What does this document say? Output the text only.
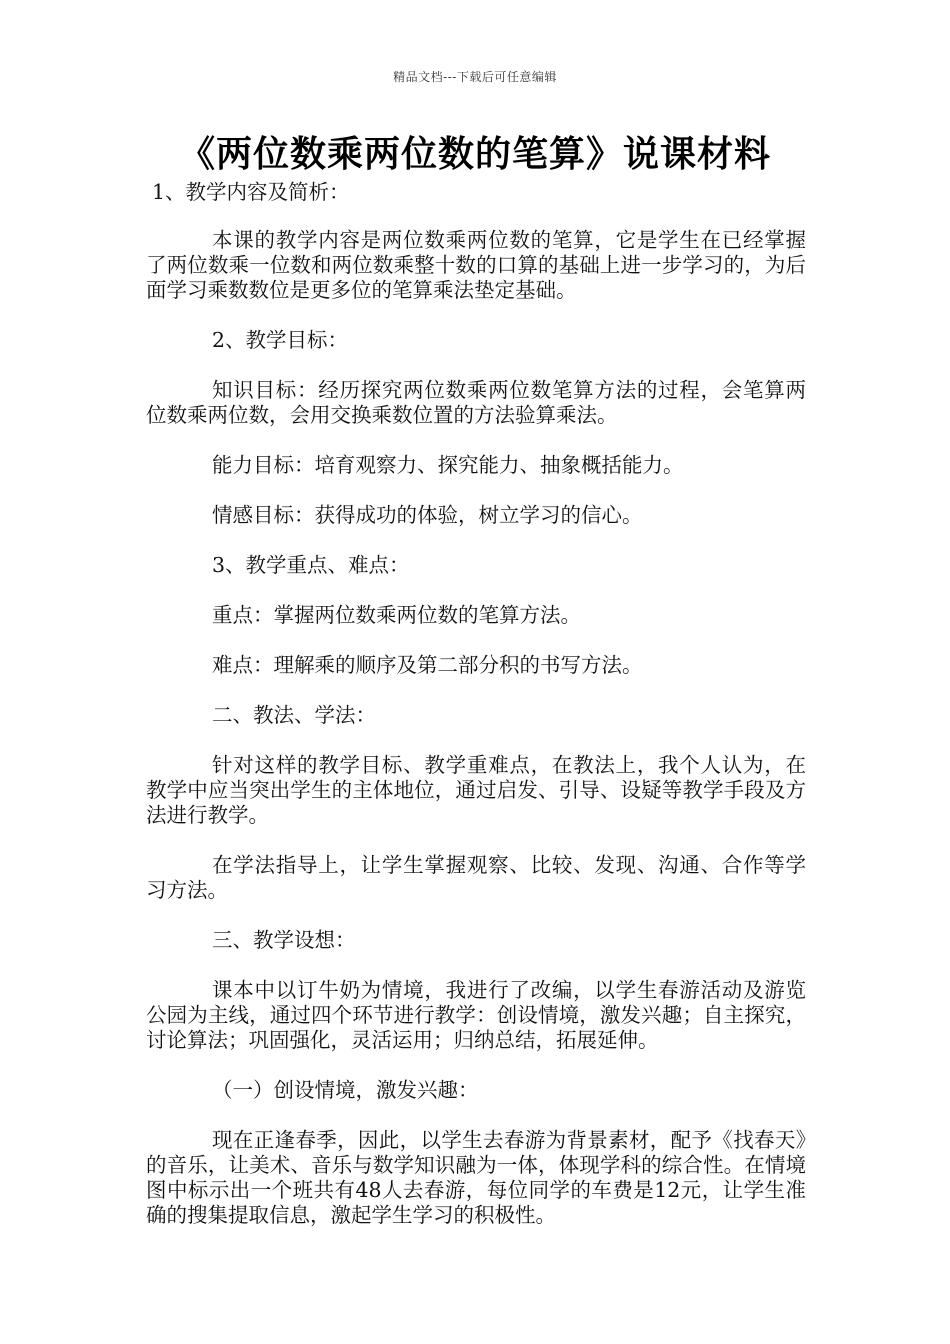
精品文档---下载后可任意编辑
《两位数乘两位数的笔算》说课材料

1、教学内容及简析：

本课的教学内容是两位数乘两位数的笔算，它是学生在已经掌握了两位数乘一位数和两位数乘整十数的口算的基础上进一步学习的，为后面学习乘数数位是更多位的笔算乘法垫定基础。

2、教学目标：

知识目标：经历探究两位数乘两位数笔算方法的过程，会笔算两位数乘两位数，会用交换乘数位置的方法验算乘法。

能力目标：培育观察力、探究能力、抽象概括能力。

情感目标：获得成功的体验，树立学习的信心。

3、教学重点、难点：

重点：掌握两位数乘两位数的笔算方法。

难点：理解乘的顺序及第二部分积的书写方法。

二、教法、学法：

针对这样的教学目标、教学重难点，在教法上，我个人认为，在教学中应当突出学生的主体地位，通过启发、引导、设疑等教学手段及方法进行教学。

在学法指导上，让学生掌握观察、比较、发现、沟通、合作等学习方法。

三、教学设想：

课本中以订牛奶为情境，我进行了改编，以学生春游活动及游览公园为主线，通过四个环节进行教学：创设情境，激发兴趣；自主探究，讨论算法；巩固强化，灵活运用；归纳总结，拓展延伸。

（一）创设情境，激发兴趣：

现在正逢春季，因此，以学生去春游为背景素材，配予《找春天》的音乐，让美术、音乐与数学知识融为一体，体现学科的综合性。在情境图中标示出一个班共有48人去春游，每位同学的车费是12元，让学生准确的搜集提取信息，激起学生学习的积极性。
